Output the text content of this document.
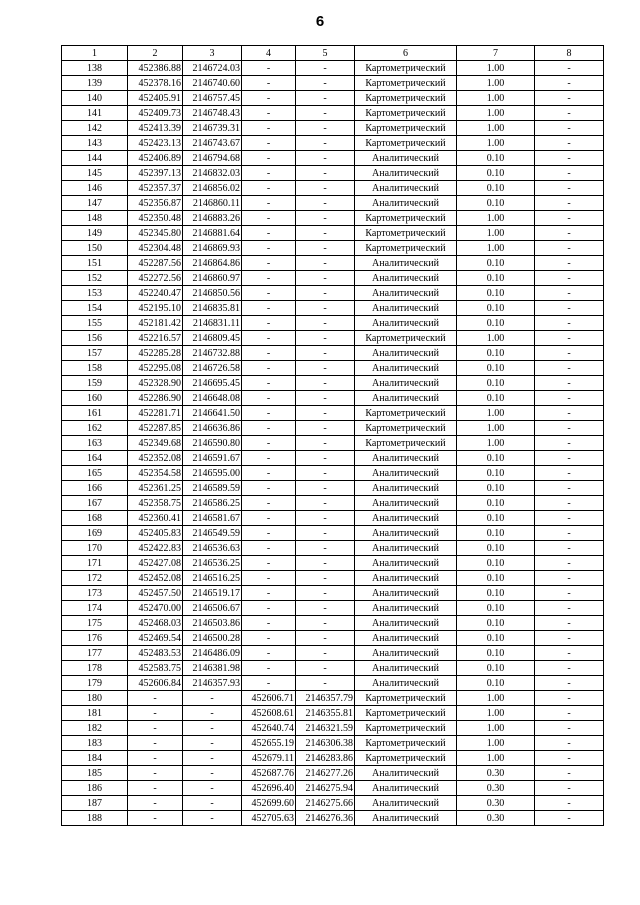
6
1	2	3	4	5	6	7	8
138	452386.88	2146724.03	-	-	Картометрический	1.00	-
139	452378.16	2146740.60	-	-	Картометрический	1.00	-
140	452405.91	2146757.45	-	-	Картометрический	1.00	-
141	452409.73	2146748.43	-	-	Картометрический	1.00	-
142	452413.39	2146739.31	-	-	Картометрический	1.00	-
143	452423.13	2146743.67	-	-	Картометрический	1.00	-
144	452406.89	2146794.68	-	-	Аналитический	0.10	-
145	452397.13	2146832.03	-	-	Аналитический	0.10	-
146	452357.37	2146856.02	-	-	Аналитический	0.10	-
147	452356.87	2146860.11	-	-	Аналитический	0.10	-
148	452350.48	2146883.26	-	-	Картометрический	1.00	-
149	452345.80	2146881.64	-	-	Картометрический	1.00	-
150	452304.48	2146869.93	-	-	Картометрический	1.00	-
151	452287.56	2146864.86	-	-	Аналитический	0.10	-
152	452272.56	2146860.97	-	-	Аналитический	0.10	-
153	452240.47	2146850.56	-	-	Аналитический	0.10	-
154	452195.10	2146835.81	-	-	Аналитический	0.10	-
155	452181.42	2146831.11	-	-	Аналитический	0.10	-
156	452216.57	2146809.45	-	-	Картометрический	1.00	-
157	452285.28	2146732.88	-	-	Аналитический	0.10	-
158	452295.08	2146726.58	-	-	Аналитический	0.10	-
159	452328.90	2146695.45	-	-	Аналитический	0.10	-
160	452286.90	2146648.08	-	-	Аналитический	0.10	-
161	452281.71	2146641.50	-	-	Картометрический	1.00	-
162	452287.85	2146636.86	-	-	Картометрический	1.00	-
163	452349.68	2146590.80	-	-	Картометрический	1.00	-
164	452352.08	2146591.67	-	-	Аналитический	0.10	-
165	452354.58	2146595.00	-	-	Аналитический	0.10	-
166	452361.25	2146589.59	-	-	Аналитический	0.10	-
167	452358.75	2146586.25	-	-	Аналитический	0.10	-
168	452360.41	2146581.67	-	-	Аналитический	0.10	-
169	452405.83	2146549.59	-	-	Аналитический	0.10	-
170	452422.83	2146536.63	-	-	Аналитический	0.10	-
171	452427.08	2146536.25	-	-	Аналитический	0.10	-
172	452452.08	2146516.25	-	-	Аналитический	0.10	-
173	452457.50	2146519.17	-	-	Аналитический	0.10	-
174	452470.00	2146506.67	-	-	Аналитический	0.10	-
175	452468.03	2146503.86	-	-	Аналитический	0.10	-
176	452469.54	2146500.28	-	-	Аналитический	0.10	-
177	452483.53	2146486.09	-	-	Аналитический	0.10	-
178	452583.75	2146381.98	-	-	Аналитический	0.10	-
179	452606.84	2146357.93	-	-	Аналитический	0.10	-
180	-	-	452606.71	2146357.79	Картометрический	1.00	-
181	-	-	452608.61	2146355.81	Картометрический	1.00	-
182	-	-	452640.74	2146321.59	Картометрический	1.00	-
183	-	-	452655.19	2146306.38	Картометрический	1.00	-
184	-	-	452679.11	2146283.86	Картометрический	1.00	-
185	-	-	452687.76	2146277.26	Аналитический	0.30	-
186	-	-	452696.40	2146275.94	Аналитический	0.30	-
187	-	-	452699.60	2146275.66	Аналитический	0.30	-
188	-	-	452705.63	2146276.36	Аналитический	0.30	-
